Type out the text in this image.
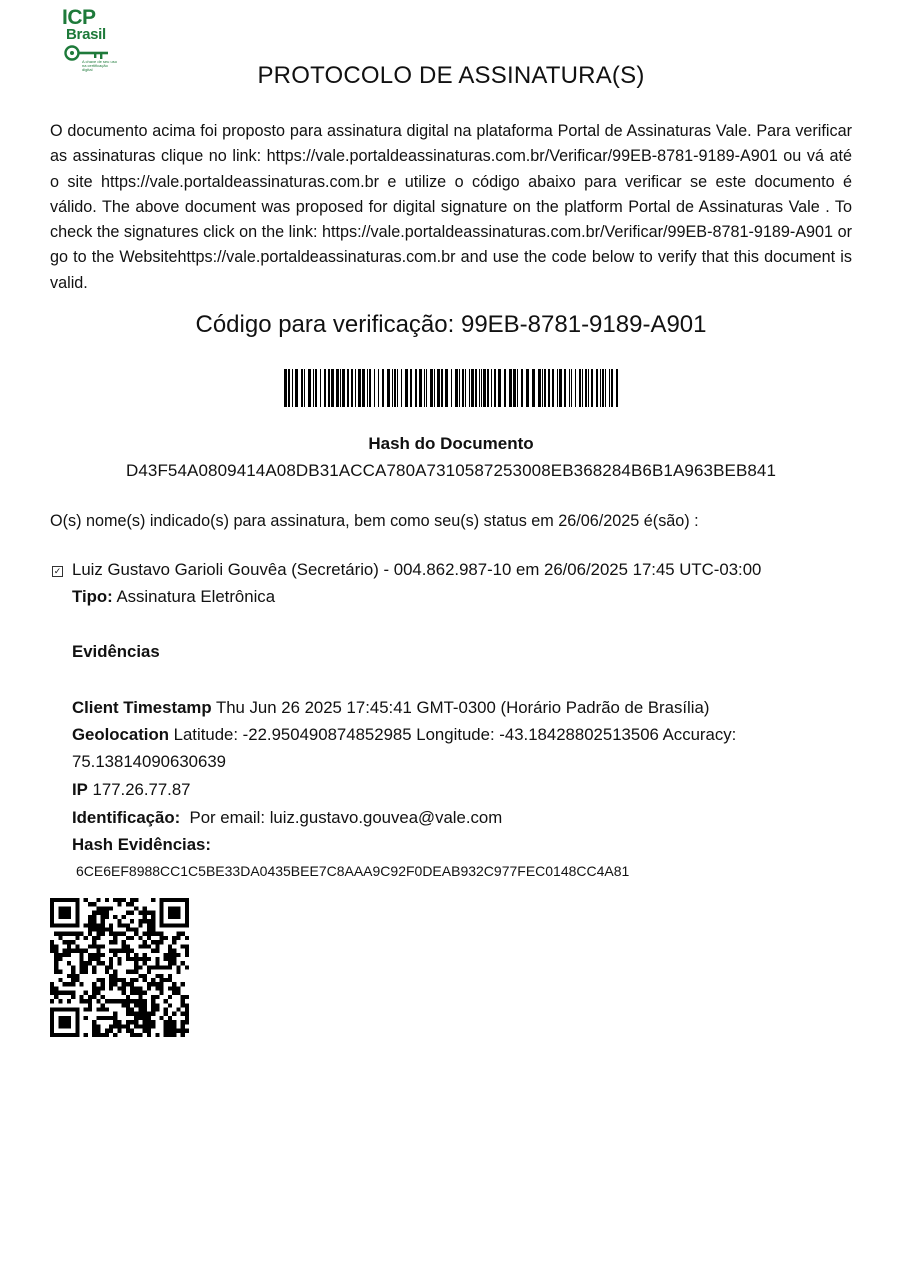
ICP
Brasil
A chave de seu uso na certificação digital	PROTOCOLO DE ASSINATURA(S)
O documento acima foi proposto para assinatura digital na plataforma Portal de Assinaturas Vale. Para verificar as assinaturas clique no link: https://vale.portaldeassinaturas.com.br/Verificar/99EB-8781-9189-A901 ou vá até o site https://vale.portaldeassinaturas.com.br e utilize o código abaixo para verificar se este documento é válido. The above document was proposed for digital signature on the platform Portal de Assinaturas Vale . To check the signatures click on the link: https://vale.portaldeassinaturas.com.br/Verificar/99EB-8781-9189-A901 or go to the Websitehttps://vale.portaldeassinaturas.com.br and use the code below to verify that this document is valid.
Código para verificação: 99EB-8781-9189-A901
Hash do Documento
D43F54A0809414A08DB31ACCA780A7310587253008EB368284B6B1A963BEB841
O(s) nome(s) indicado(s) para assinatura, bem como seu(s) status em 26/06/2025 é(são) :
✓ Luiz Gustavo Garioli Gouvêa (Secretário) - 004.862.987-10 em 26/06/2025 17:45 UTC-03:00
Tipo: Assinatura Eletrônica
Evidências
Client Timestamp Thu Jun 26 2025 17:45:41 GMT-0300 (Horário Padrão de Brasília)
Geolocation Latitude: -22.950490874852985 Longitude: -43.18428802513506 Accuracy:
75.13814090630639
IP 177.26.77.87
Identificação: Por email: luiz.gustavo.gouvea@vale.com
Hash Evidências:
6CE6EF8988CC1C5BE33DA0435BEE7C8AAA9C92F0DEAB932C977FEC0148CC4A81
